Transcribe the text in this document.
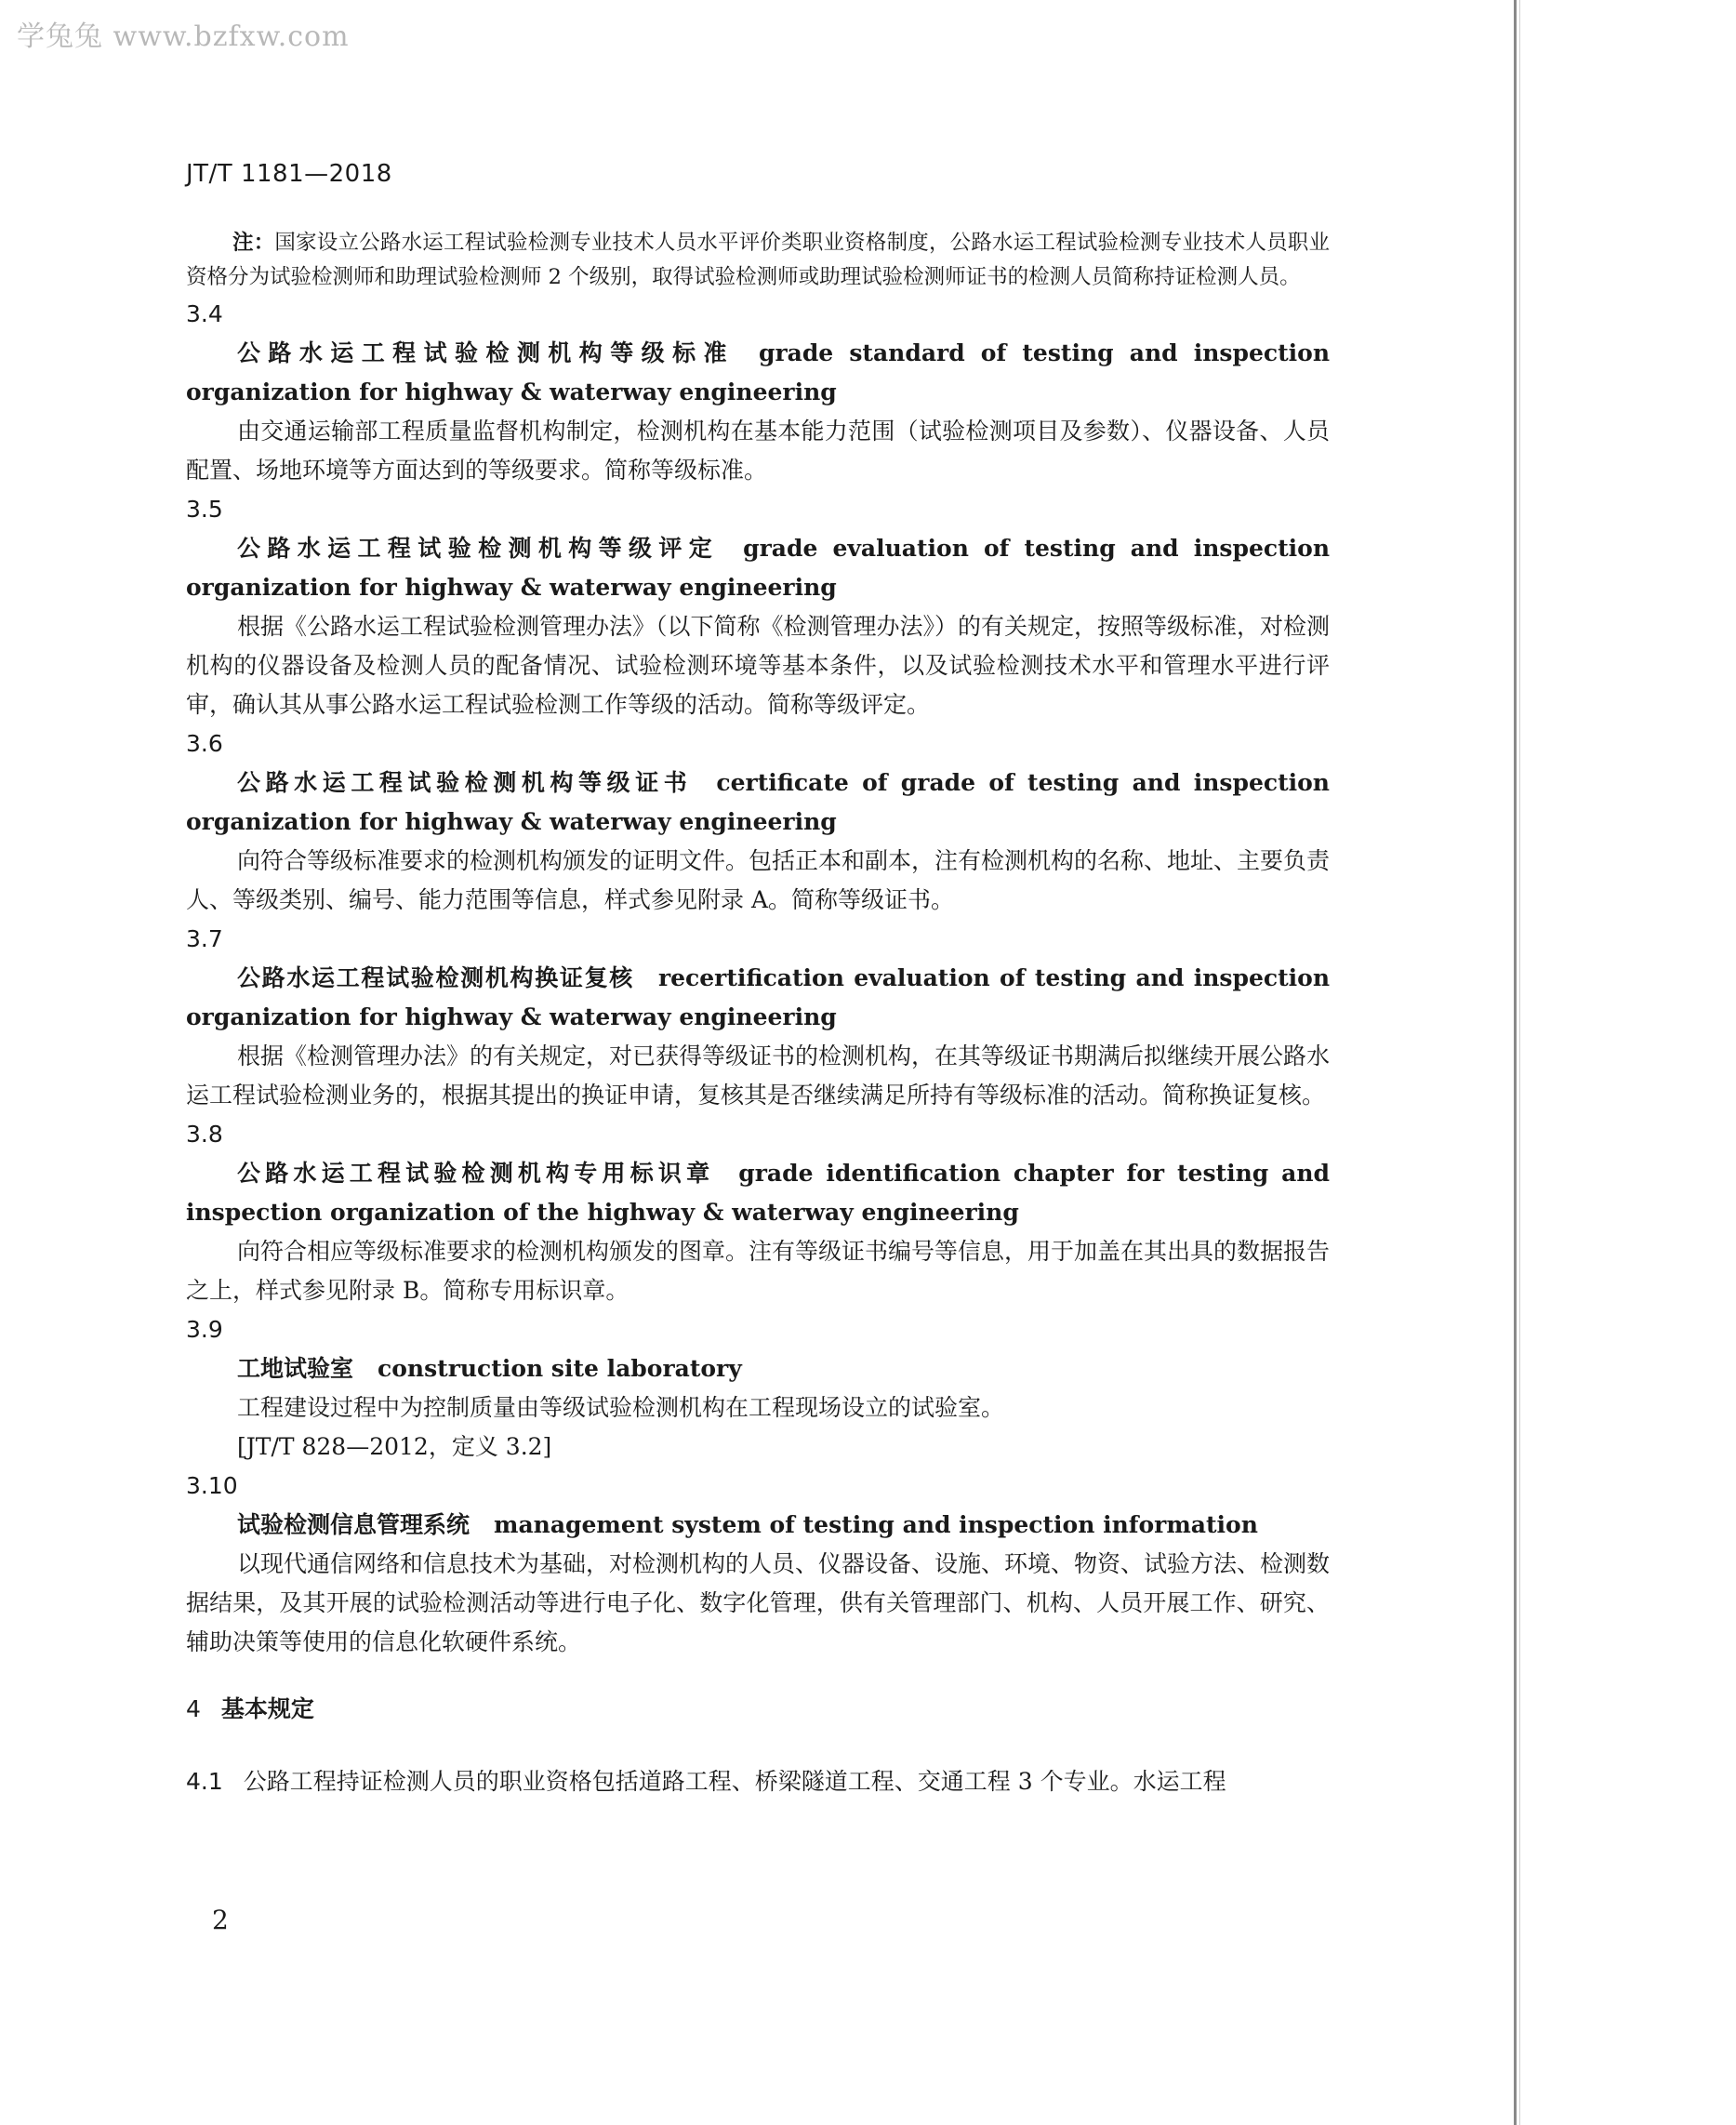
学兔兔 www.bzfxw.com
JT/T 1181—2018

注：国家设立公路水运工程试验检测专业技术人员水平评价类职业资格制度，公路水运工程试验检测专业技术人员职业资格分为试验检测师和助理试验检测师 2 个级别，取得试验检测师或助理试验检测师证书的检测人员简称持证检测人员。

3.4

公路水运工程试验检测机构等级标准 grade standard of testing and inspection organization for highway & waterway engineering

由交通运输部工程质量监督机构制定，检测机构在基本能力范围（试验检测项目及参数）、仪器设备、人员配置、场地环境等方面达到的等级要求。简称等级标准。

3.5

公路水运工程试验检测机构等级评定 grade evaluation of testing and inspection organization for highway & waterway engineering

根据《公路水运工程试验检测管理办法》（以下简称《检测管理办法》）的有关规定，按照等级标准，对检测机构的仪器设备及检测人员的配备情况、试验检测环境等基本条件，以及试验检测技术水平和管理水平进行评审，确认其从事公路水运工程试验检测工作等级的活动。简称等级评定。

3.6

公路水运工程试验检测机构等级证书 certificate of grade of testing and inspection organization for highway & waterway engineering

向符合等级标准要求的检测机构颁发的证明文件。包括正本和副本，注有检测机构的名称、地址、主要负责人、等级类别、编号、能力范围等信息，样式参见附录 A。简称等级证书。

3.7

公路水运工程试验检测机构换证复核 recertification evaluation of testing and inspection organization for highway & waterway engineering

根据《检测管理办法》的有关规定，对已获得等级证书的检测机构，在其等级证书期满后拟继续开展公路水运工程试验检测业务的，根据其提出的换证申请，复核其是否继续满足所持有等级标准的活动。简称换证复核。

3.8

公路水运工程试验检测机构专用标识章 grade identification chapter for testing and inspection organization of the highway & waterway engineering

向符合相应等级标准要求的检测机构颁发的图章。注有等级证书编号等信息，用于加盖在其出具的数据报告之上，样式参见附录 B。简称专用标识章。

3.9

工地试验室 construction site laboratory

工程建设过程中为控制质量由等级试验检测机构在工程现场设立的试验室。

[JT/T 828—2012，定义 3.2]

3.10

试验检测信息管理系统 management system of testing and inspection information

以现代通信网络和信息技术为基础，对检测机构的人员、仪器设备、设施、环境、物资、试验方法、检测数据结果，及其开展的试验检测活动等进行电子化、数字化管理，供有关管理部门、机构、人员开展工作、研究、辅助决策等使用的信息化软硬件系统。

4 基本规定

4.1 公路工程持证检测人员的职业资格包括道路工程、桥梁隧道工程、交通工程 3 个专业。水运工程

2
